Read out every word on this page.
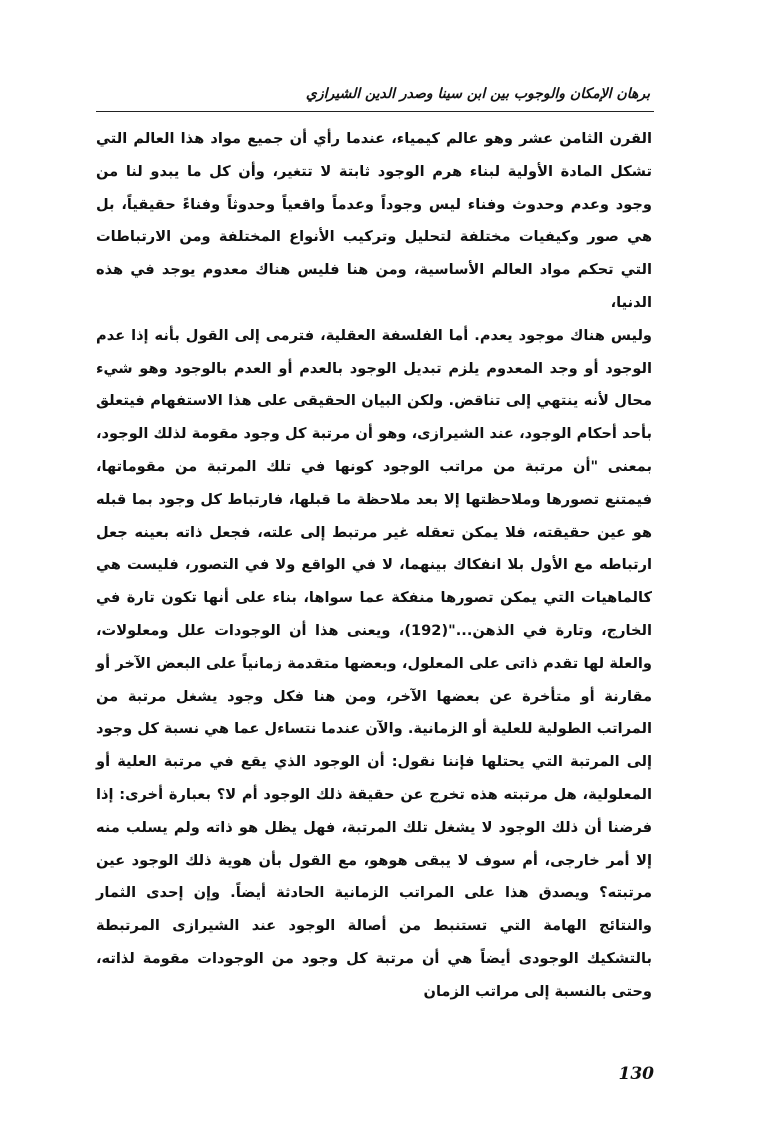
برهان الإمكان والوجوب بين ابن سينا وصدر الدين الشيرازي

القرن الثامن عشر وهو عالم كيمياء، عندما رأي أن جميع مواد هذا العالم التي تشكل المادة الأولية لبناء هرم الوجود ثابتة لا تتغير، وأن كل ما يبدو لنا من وجود وعدم وحدوث وفناء ليس وجوداً وعدماً واقعياً وحدوثاً وفناءً حقيقياً، بل هي صور وكيفيات مختلفة لتحليل وتركيب الأنواع المختلفة ومن الارتباطات التي تحكم مواد العالم الأساسية، ومن هنا فليس هناك معدوم يوجد في هذه الدنيا،

وليس هناك موجود يعدم. أما الفلسفة العقلية، فترمى إلى القول بأنه إذا عدم الوجود أو وجد المعدوم يلزم تبديل الوجود بالعدم أو العدم بالوجود وهو شيء محال لأنه ينتهي إلى تناقض. ولكن البيان الحقيقى على هذا الاستفهام فيتعلق بأحد أحكام الوجود، عند الشيرازى، وهو أن مرتبة كل وجود مقومة لذلك الوجود، بمعنى "أن مرتبة من مراتب الوجود كونها في تلك المرتبة من مقوماتها، فيمتنع تصورها وملاحظتها إلا بعد ملاحظة ما قبلها، فارتباط كل وجود بما قبله هو عين حقيقته، فلا يمكن تعقله غير مرتبط إلى علته، فجعل ذاته بعينه جعل ارتباطه مع الأول بلا انفكاك بينهما، لا في الواقع ولا في التصور، فليست هي كالماهيات التي يمكن تصورها منفكة عما سواها، بناء على أنها تكون تارة في الخارج، وتارة في الذهن..."(192)، ويعنى هذا أن الوجودات علل ومعلولات، والعلة لها تقدم ذاتى على المعلول، وبعضها متقدمة زمانياً على البعض الآخر أو مقارنة أو متأخرة عن بعضها الآخر، ومن هنا فكل وجود يشغل مرتبة من المراتب الطولية للعلية أو الزمانية. والآن عندما نتساءل عما هي نسبة كل وجود إلى المرتبة التي يحتلها فإننا نقول: أن الوجود الذي يقع في مرتبة العلية أو المعلولية، هل مرتبته هذه تخرج عن حقيقة ذلك الوجود أم لا؟ بعبارة أخرى: إذا فرضنا أن ذلك الوجود لا يشغل تلك المرتبة، فهل يظل هو ذاته ولم يسلب منه إلا أمر خارجى، أم سوف لا يبقى هوهو، مع القول بأن هوية ذلك الوجود عين مرتبته؟ ويصدق هذا على المراتب الزمانية الحادثة أيضاً. وإن إحدى الثمار والنتائج الهامة التي تستنبط من أصالة الوجود عند الشيرازى المرتبطة بالتشكيك الوجودى أيضاً هي أن مرتبة كل وجود من الوجودات مقومة لذاته، وحتى بالنسبة إلى مراتب الزمان

130
